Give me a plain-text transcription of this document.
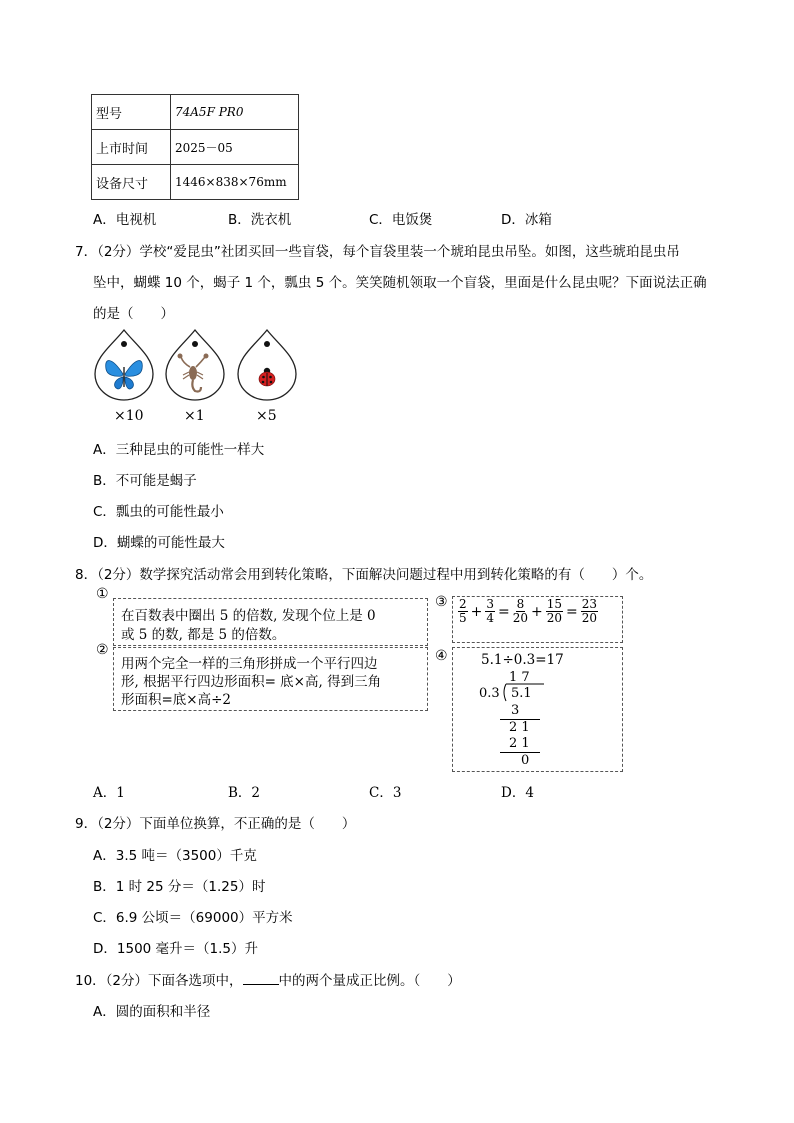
型号	74A5F PR0
上市时间	2025－05
设备尺寸	1446×838×76mm
A．电视机	B．洗衣机	C．电饭煲	D．冰箱
7．（2分）学校“爱昆虫”社团买回一些盲袋，每个盲袋里装一个琥珀昆虫吊坠。如图，这些琥珀昆虫吊
坠中，蝴蝶 10 个，蝎子 1 个，瓢虫 5 个。笑笑随机领取一个盲袋，里面是什么昆虫呢？下面说法正确
的是（　　）
×10	×1	×5
A．三种昆虫的可能性一样大
B．不可能是蝎子
C．瓢虫的可能性最小
D．蝴蝶的可能性最大
8．（2分）数学探究活动常会用到转化策略，下面解决问题过程中用到转化策略的有（　　）个。
①
在百数表中圈出 5 的倍数, 发现个位上是 0
或 5 的数, 都是 5 的倍数。
②
用两个完全一样的三角形拼成一个平行四边
形, 根据平行四边形面积= 底×高, 得到三角
形面积=底×高÷2
③ $\frac{2}{5} + \frac{3}{4} = \frac{8}{20} + \frac{15}{20} = \frac{23}{20}$
④ 5.1÷0.3=17
1 7
0.3 5.1
3
2 1
2 1
0
A．1	B．2	C．3	D．4
9．（2分）下面单位换算，不正确的是（　　）
A．3.5 吨＝（3500）千克
B．1 时 25 分＝（1.25）时
C．6.9 公顷＝（69000）平方米
D．1500 毫升＝（1.5）升
10．（2分）下面各选项中，	中的两个量成正比例。（　　）
A．圆的面积和半径
